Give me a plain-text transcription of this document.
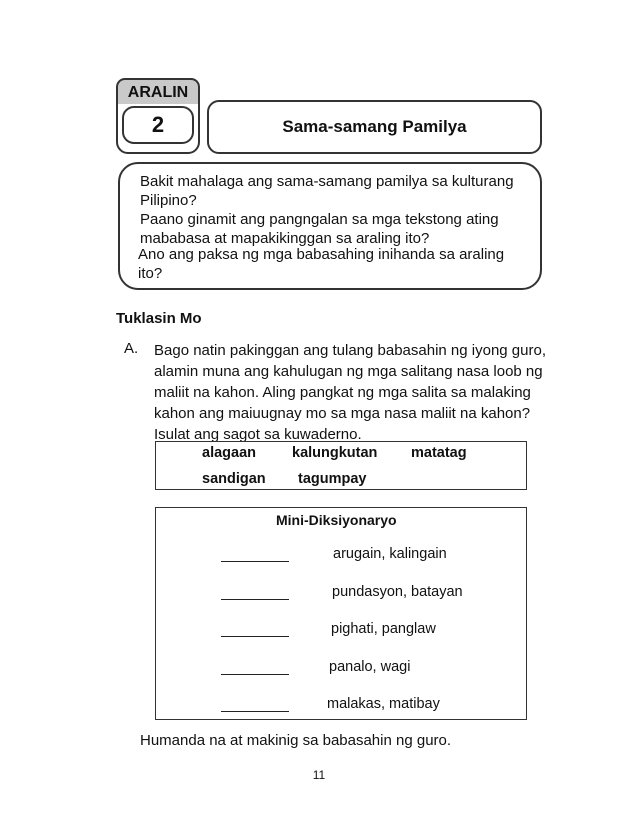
ARALIN
2	Sama-samang Pamilya
Bakit mahalaga ang sama-samang pamilya sa kulturang
Pilipino?
Paano ginamit ang pangngalan sa mga tekstong ating
mababasa at mapakikinggan sa araling ito?
Ano ang paksa ng mga babasahing inihanda sa araling
ito?
Tuklasin Mo
A. Bago natin pakinggan ang tulang babasahin ng iyong guro,
alamin muna ang kahulugan ng mga salitang nasa loob ng
maliit na kahon. Aling pangkat ng mga salita sa malaking
kahon ang maiuugnay mo sa mga nasa maliit na kahon?
Isulat ang sagot sa kuwaderno.
alagaan kalungkutan matatag
sandigan tagumpay
Mini-Diksiyonaryo
arugain, kalingain
pundasyon, batayan
pighati, panglaw
panalo, wagi
malakas, matibay
Humanda na at makinig sa babasahin ng guro.
11
